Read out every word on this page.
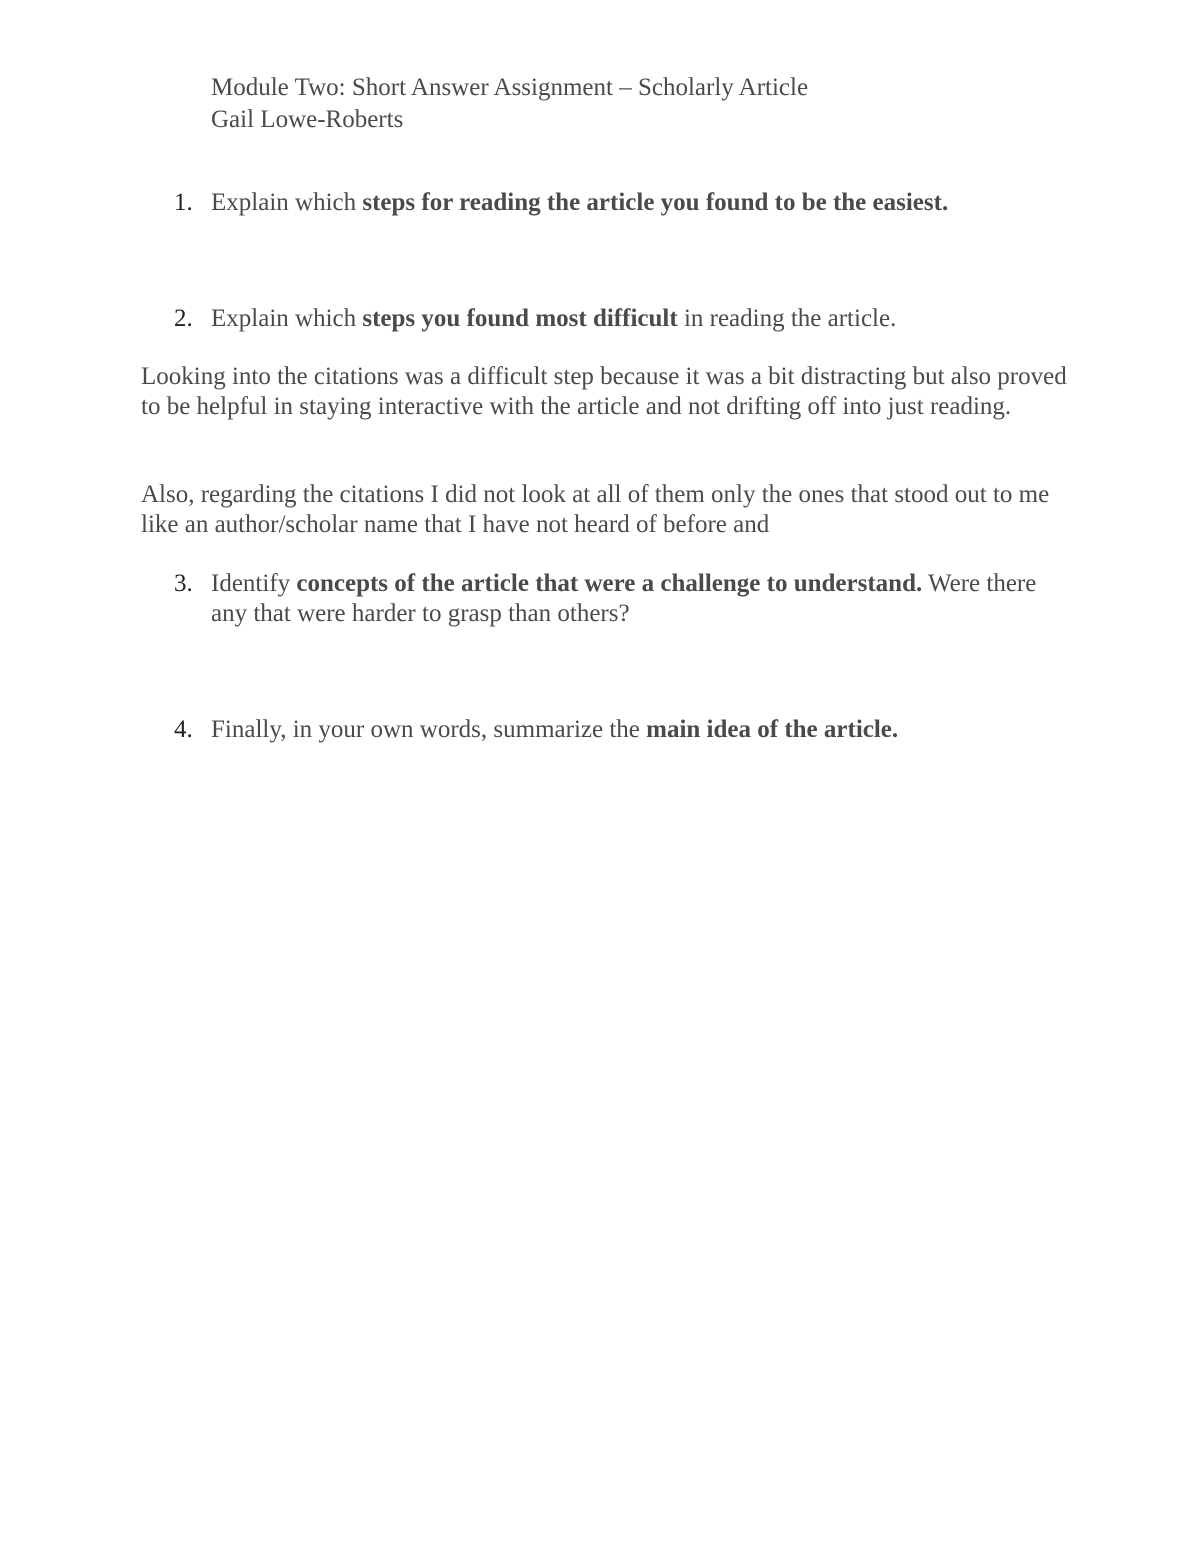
Module Two: Short Answer Assignment – Scholarly Article
Gail Lowe-Roberts
1. Explain which steps for reading the article you found to be the easiest.
2. Explain which steps you found most difficult in reading the article.
Looking into the citations was a difficult step because it was a bit distracting but also proved to be helpful in staying interactive with the article and not drifting off into just reading.
Also, regarding the citations I did not look at all of them only the ones that stood out to me like an author/scholar name that I have not heard of before and
3. Identify concepts of the article that were a challenge to understand. Were there any that were harder to grasp than others?
4. Finally, in your own words, summarize the main idea of the article.
